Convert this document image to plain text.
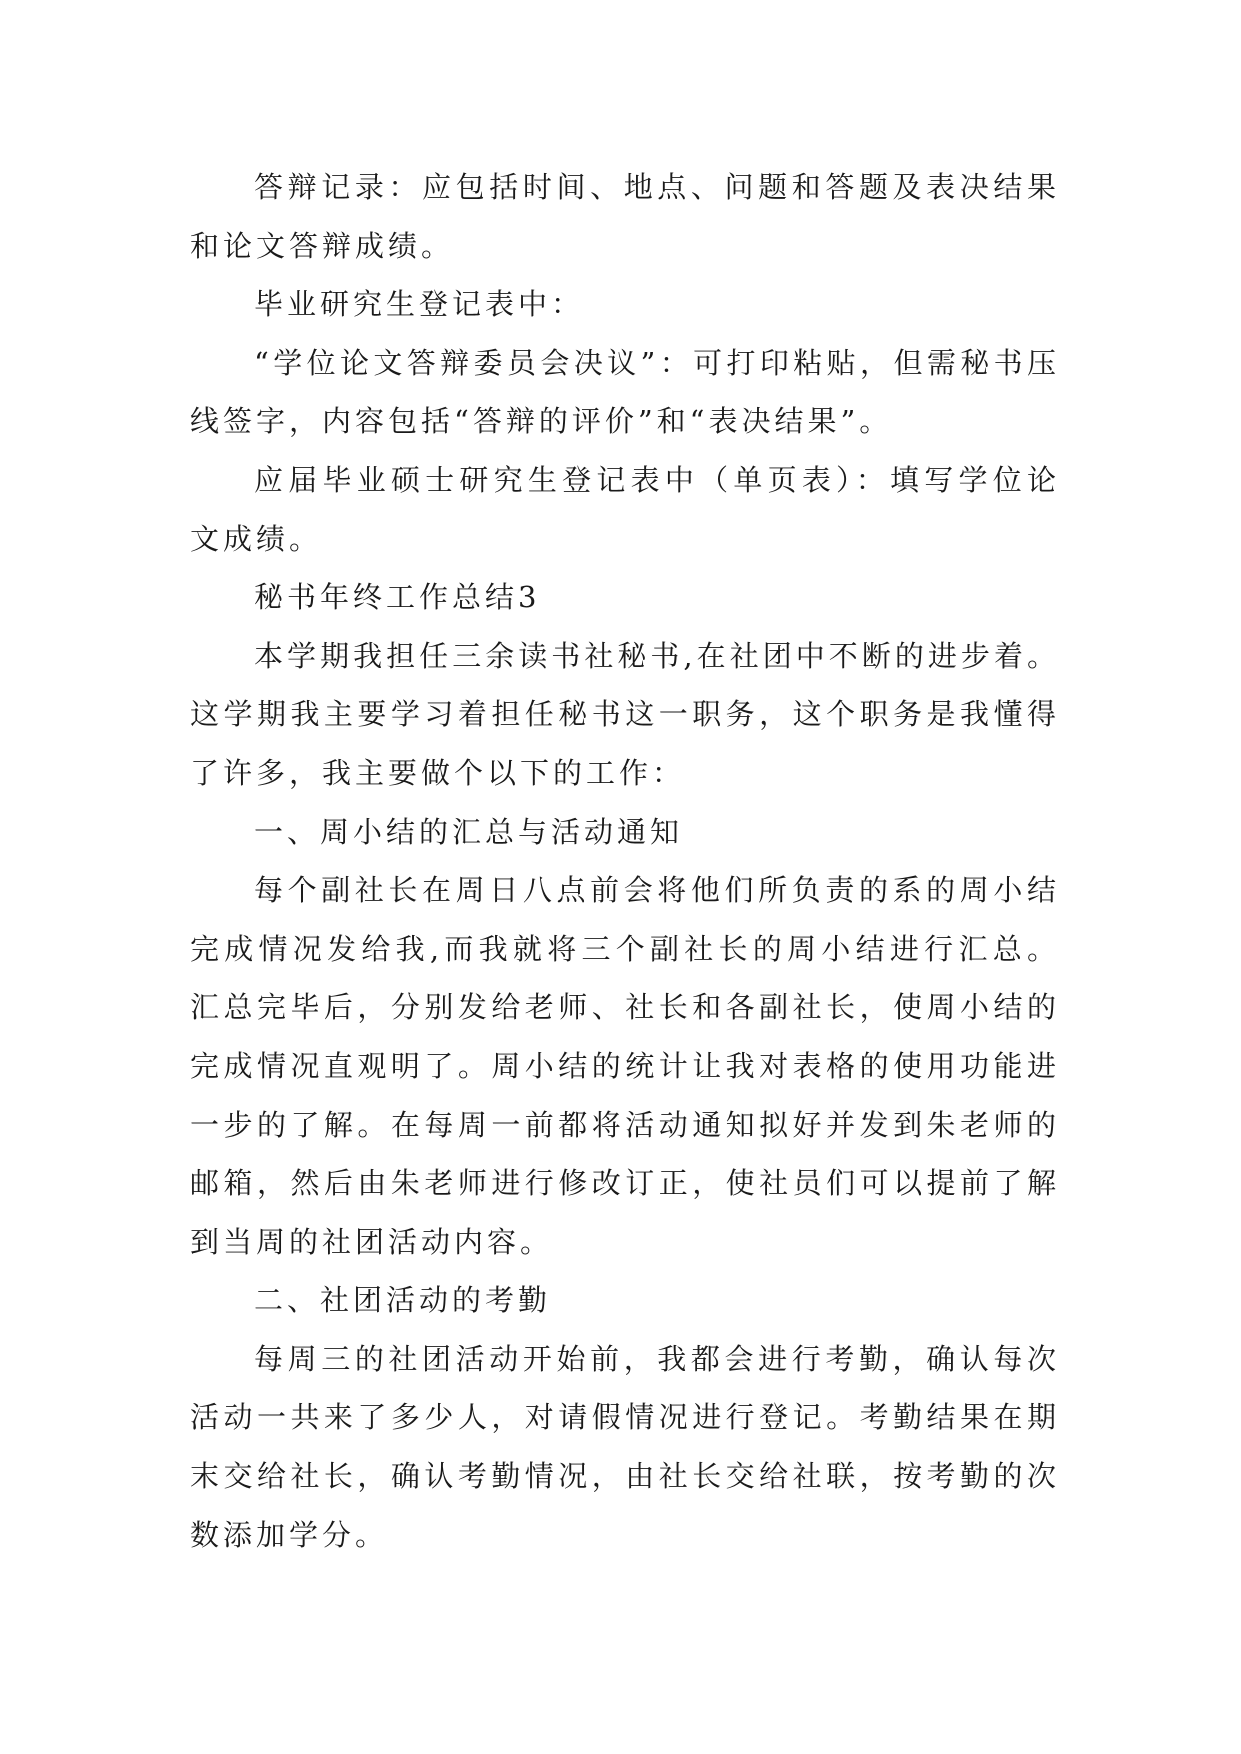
答辩记录：应包括时间、地点、问题和答题及表决结果和论文答辩成绩。

毕业研究生登记表中：

“学位论文答辩委员会决议”：可打印粘贴，但需秘书压线签字，内容包括“答辩的评价”和“表决结果”。

应届毕业硕士研究生登记表中（单页表）：填写学位论文成绩。

秘书年终工作总结3

本学期我担任三余读书社秘书,在社团中不断的进步着。这学期我主要学习着担任秘书这一职务，这个职务是我懂得了许多，我主要做个以下的工作：

一、周小结的汇总与活动通知

每个副社长在周日八点前会将他们所负责的系的周小结完成情况发给我,而我就将三个副社长的周小结进行汇总。汇总完毕后，分别发给老师、社长和各副社长，使周小结的完成情况直观明了。周小结的统计让我对表格的使用功能进一步的了解。在每周一前都将活动通知拟好并发到朱老师的邮箱，然后由朱老师进行修改订正，使社员们可以提前了解到当周的社团活动内容。

二、社团活动的考勤

每周三的社团活动开始前，我都会进行考勤，确认每次活动一共来了多少人，对请假情况进行登记。考勤结果在期末交给社长，确认考勤情况，由社长交给社联，按考勤的次数添加学分。
